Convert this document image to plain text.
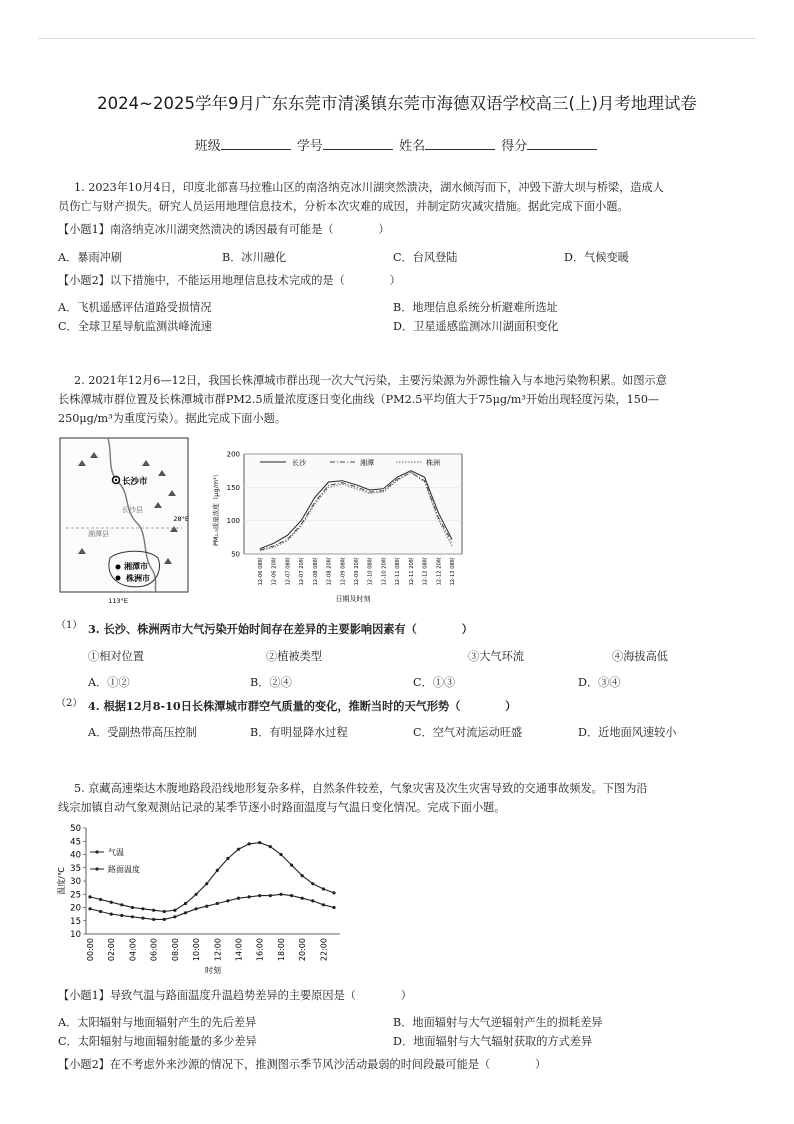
2024~2025学年9月广东东莞市清溪镇东莞市海德双语学校高三(上)月考地理试卷
班级	学号	姓名	得分
1. 2023年10月4日，印度北部喜马拉雅山区的南洛纳克冰川湖突然溃决，湖水倾泻而下，冲毁下游大坝与桥梁，造成人
员伤亡与财产损失。研究人员运用地理信息技术，分析本次灾难的成因，并制定防灾减灾措施。据此完成下面小题。
【小题1】南洛纳克冰川湖突然溃决的诱因最有可能是（　　　　）
A．暴雨冲刷	B．冰川融化	C．台风登陆	D．气候变暖
【小题2】以下措施中，不能运用地理信息技术完成的是（　　　　）
A．飞机遥感评估道路受损情况	B．地理信息系统分析避难所选址
C．全球卫星导航监测洪峰流速	D．卫星遥感监测冰川湖面积变化
2. 2021年12月6—12日，我国长株潭城市群出现一次大气污染，主要污染源为外源性输入与本地污染物积累。如图示意
长株潭城市群位置及长株潭城市群PM2.5质量浓度逐日变化曲线（PM2.5平均值大于75μg/m³开始出现轻度污染，150—
250μg/m³为重度污染）。据此完成下面小题。
长沙市
长沙县
湘潭县
湘潭市
株洲市
28°E
113°E
200
150
100
50
12-06 08时	12-06 20时	12-07 08时	12-07 20时	12-08 08时	12-08 20时	12-09 08时	12-09 20时	12-10 08时	12-10 20时	12-11 08时	12-11 20时	12-12 08时	12-12 20时	12-13 08时
长沙	湘潭	株洲
PM₂.₅质量浓度（μg/m³）
日期及时刻
（1） 3. 长沙、株洲两市大气污染开始时间存在差异的主要影响因素有（　　　　）
①相对位置	②植被类型	③大气环流	④海拔高低
A．①②	B．②④	C．①③	D．③④
（2） 4. 根据12月8-10日长株潭城市群空气质量的变化，推断当时的天气形势（　　　　）
A．受副热带高压控制	B．有明显降水过程	C．空气对流运动旺盛	D．近地面风速较小
5. 京藏高速柴达木腹地路段沿线地形复杂多样，自然条件较差，气象灾害及次生灾害导致的交通事故频发。下图为沿
线宗加镇自动气象观测站记录的某季节逐小时路面温度与气温日变化情况。完成下面小题。
10
15
20
25
30
35
40
45
50
00:00 02:00 04:00 06:00 08:00 10:00 12:00 14:00 16:00 18:00 20:00 22:00
气温
路面温度
温度/℃
时刻
【小题1】导致气温与路面温度升温趋势差异的主要原因是（　　　　）
A．太阳辐射与地面辐射产生的先后差异	B．地面辐射与大气逆辐射产生的损耗差异
C．太阳辐射与地面辐射能量的多少差异	D．地面辐射与大气辐射获取的方式差异
【小题2】在不考虑外来沙源的情况下，推测图示季节风沙活动最弱的时间段最可能是（　　　　）
